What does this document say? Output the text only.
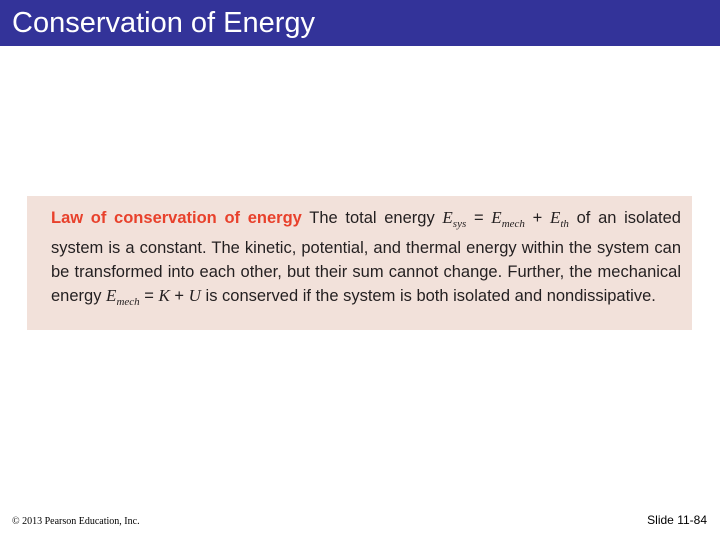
Conservation of Energy
Law of conservation of energy The total energy $E_{sys} = E_{mech} + E_{th}$ of an isolated system is a constant. The kinetic, potential, and thermal energy within the system can be transformed into each other, but their sum cannot change. Further, the mechanical energy $E_{mech} = K + U$ is conserved if the system is both isolated and nondissipative.
© 2013 Pearson Education, Inc.	Slide 11-84
